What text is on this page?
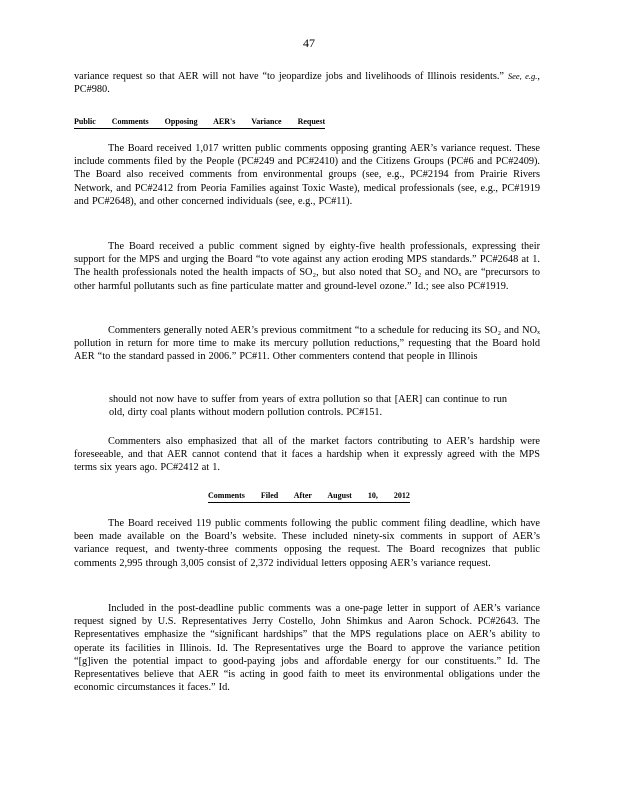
47

variance request so that AER will not have “to jeopardize jobs and livelihoods of Illinois residents.” See, e.g., PC#980.

Public Comments Opposing AER's Variance Request

The Board received 1,017 written public comments opposing granting AER’s variance request. These include comments filed by the People (PC#249 and PC#2410) and the Citizens Groups (PC#6 and PC#2409). The Board also received comments from environmental groups (see, e.g., PC#2194 from Prairie Rivers Network, and PC#2412 from Peoria Families against Toxic Waste), medical professionals (see, e.g., PC#1919 and PC#2648), and other concerned individuals (see, e.g., PC#11).

The Board received a public comment signed by eighty-five health professionals, expressing their support for the MPS and urging the Board “to vote against any action eroding MPS standards.” PC#2648 at 1. The health professionals noted the health impacts of SO₂, but also noted that SO₂ and NOₓ are “precursors to other harmful pollutants such as fine particulate matter and ground-level ozone.” Id.; see also PC#1919.

Commenters generally noted AER’s previous commitment “to a schedule for reducing its SO₂ and NOₓ pollution in return for more time to make its mercury pollution reductions,” requesting that the Board hold AER “to the standard passed in 2006.” PC#11. Other commenters contend that people in Illinois

should not now have to suffer from years of extra pollution so that [AER] can continue to run old, dirty coal plants without modern pollution controls. PC#151.

Commenters also emphasized that all of the market factors contributing to AER’s hardship were foreseeable, and that AER cannot contend that it faces a hardship when it expressly agreed with the MPS terms six years ago. PC#2412 at 1.

Comments Filed After August 10, 2012

The Board received 119 public comments following the public comment filing deadline, which have been made available on the Board’s website. These included ninety-six comments in support of AER’s variance request, and twenty-three comments opposing the request. The Board recognizes that public comments 2,995 through 3,005 consist of 2,372 individual letters opposing AER’s variance request.

Included in the post-deadline public comments was a one-page letter in support of AER’s variance request signed by U.S. Representatives Jerry Costello, John Shimkus and Aaron Schock. PC#2643. The Representatives emphasize the “significant hardships” that the MPS regulations place on AER’s ability to operate its facilities in Illinois. Id. The Representatives urge the Board to approve the variance petition “[g]iven the potential impact to good-paying jobs and affordable energy for our constituents.” Id. The Representatives believe that AER “is acting in good faith to meet its environmental obligations under the economic circumstances it faces.” Id.
